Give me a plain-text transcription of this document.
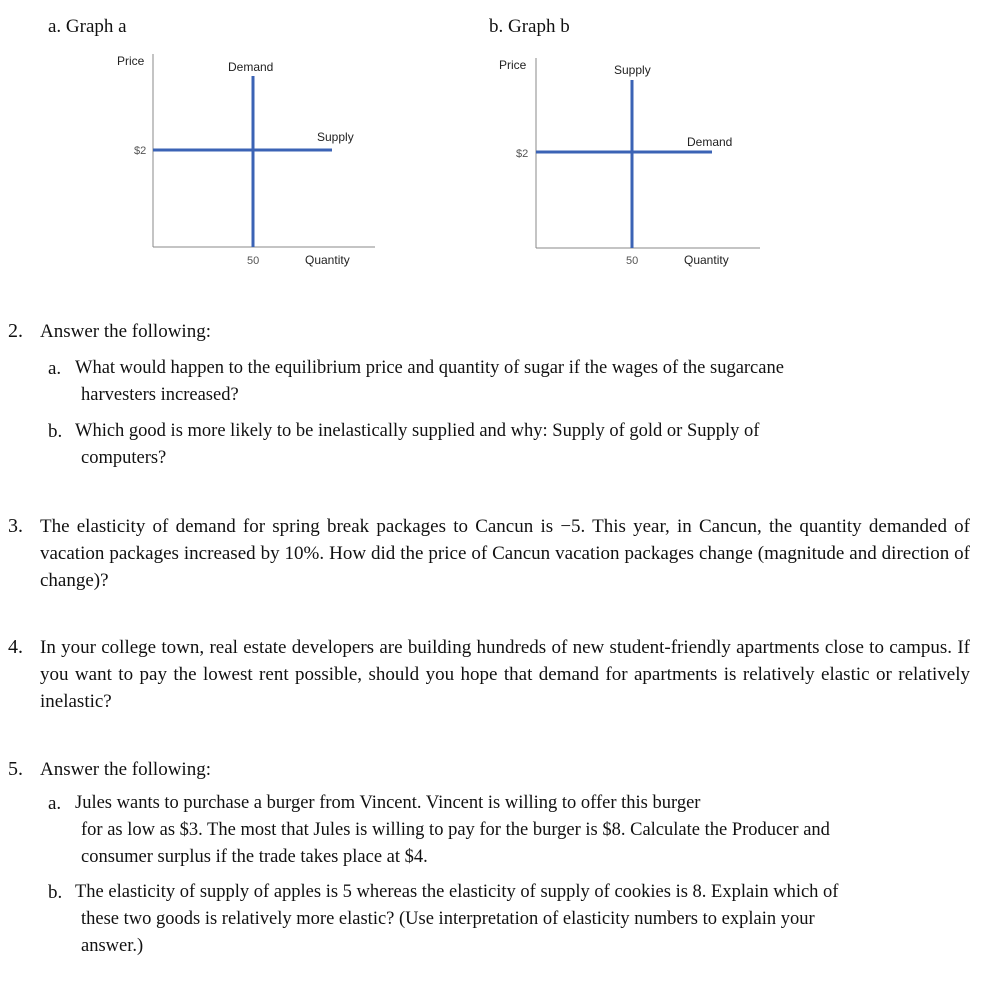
a. Graph a
Price
$2
Demand
Supply
50	Quantity
b. Graph b
Price
$2
Supply
Demand
50	Quantity
2. Answer the following:
a. What would happen to the equilibrium price and quantity of sugar if the wages of the sugarcane
harvesters increased?
b. Which good is more likely to be inelastically supplied and why: Supply of gold or Supply of
computers?
3. The elasticity of demand for spring break packages to Cancun is −5. This year, in Cancun, the quantity demanded of vacation packages increased by 10%. How did the price of Cancun vacation packages change (magnitude and direction of change)?
4. In your college town, real estate developers are building hundreds of new student-friendly apartments close to campus. If you want to pay the lowest rent possible, should you hope that demand for apartments is relatively elastic or relatively inelastic?
5. Answer the following:
a. Jules wants to purchase a burger from Vincent. Vincent is willing to offer this burger
for as low as $3. The most that Jules is willing to pay for the burger is $8. Calculate the Producer and
consumer surplus if the trade takes place at $4.
b. The elasticity of supply of apples is 5 whereas the elasticity of supply of cookies is 8. Explain which of
these two goods is relatively more elastic? (Use interpretation of elasticity numbers to explain your
answer.)
